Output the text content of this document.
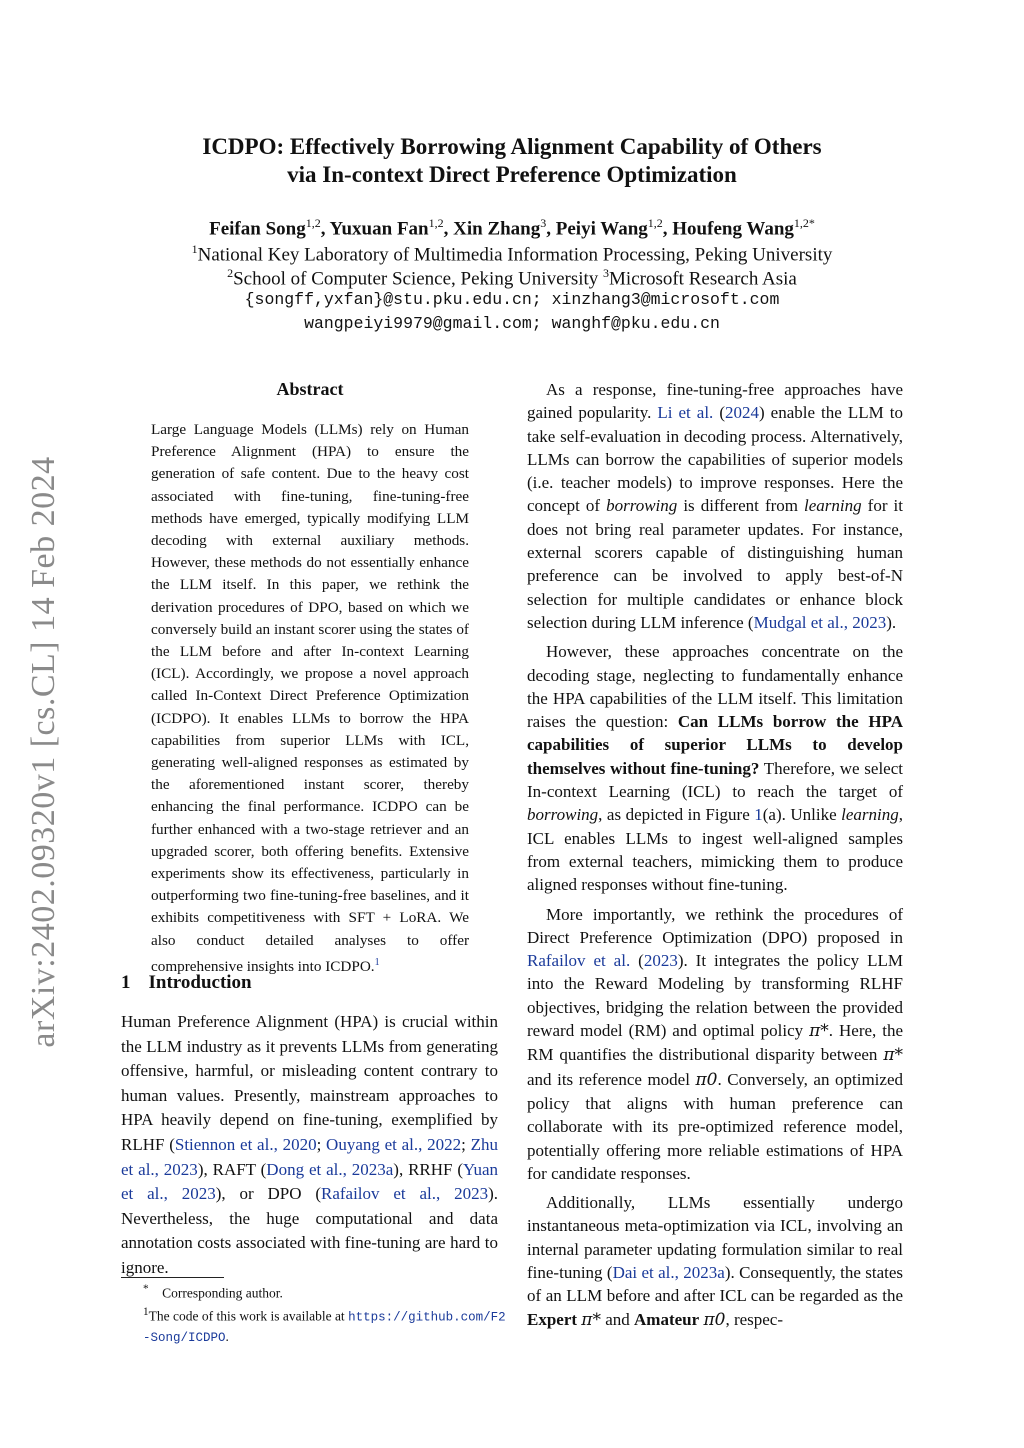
arXiv:2402.09320v1 [cs.CL] 14 Feb 2024
ICDPO: Effectively Borrowing Alignment Capability of Others
via In-context Direct Preference Optimization
Feifan Song$^{1,2}$, Yuxuan Fan$^{1,2}$, Xin Zhang$^3$, Peiyi Wang$^{1,2}$, Houfeng Wang$^{1,2*}$
$^1$National Key Laboratory of Multimedia Information Processing, Peking University
$^2$School of Computer Science, Peking University $^3$Microsoft Research Asia
{songff,yxfan}@stu.pku.edu.cn; xinzhang3@microsoft.com
wangpeiyi9979@gmail.com; wanghf@pku.edu.cn
Abstract
Large Language Models (LLMs) rely on Human Preference Alignment (HPA) to ensure the generation of safe content. Due to the heavy cost associated with fine-tuning, fine-tuning-free methods have emerged, typically modifying LLM decoding with external auxiliary methods. However, these methods do not essentially enhance the LLM itself. In this paper, we rethink the derivation procedures of DPO, based on which we conversely build an instant scorer using the states of the LLM before and after In-context Learning (ICL). Accordingly, we propose a novel approach called In-Context Direct Preference Optimization (ICDPO). It enables LLMs to borrow the HPA capabilities from superior LLMs with ICL, generating well-aligned responses as estimated by the aforementioned instant scorer, thereby enhancing the final performance. ICDPO can be further enhanced with a two-stage retriever and an upgraded scorer, both offering benefits. Extensive experiments show its effectiveness, particularly in outperforming two fine-tuning-free baselines, and it exhibits competitiveness with SFT + LoRA. We also conduct detailed analyses to offer comprehensive insights into ICDPO.$^1$
1 Introduction
Human Preference Alignment (HPA) is crucial within the LLM industry as it prevents LLMs from generating offensive, harmful, or misleading content contrary to human values. Presently, mainstream approaches to HPA heavily depend on fine-tuning, exemplified by RLHF (Stiennon et al., 2020; Ouyang et al., 2022; Zhu et al., 2023), RAFT (Dong et al., 2023a), RRHF (Yuan et al., 2023), or DPO (Rafailov et al., 2023). Nevertheless, the huge computational and data annotation costs associated with fine-tuning are hard to ignore.
* Corresponding author.
$^1$The code of this work is available at https://github.com/F2-Song/ICDPO.

As a response, fine-tuning-free approaches have gained popularity. Li et al. (2024) enable the LLM to take self-evaluation in decoding process. Alternatively, LLMs can borrow the capabilities of superior models (i.e. teacher models) to improve responses. Here the concept of borrowing is different from learning for it does not bring real parameter updates. For instance, external scorers capable of distinguishing human preference can be involved to apply best-of-N selection for multiple candidates or enhance block selection during LLM inference (Mudgal et al., 2023).

However, these approaches concentrate on the decoding stage, neglecting to fundamentally enhance the HPA capabilities of the LLM itself. This limitation raises the question: Can LLMs borrow the HPA capabilities of superior LLMs to develop themselves without fine-tuning? Therefore, we select In-context Learning (ICL) to reach the target of borrowing, as depicted in Figure 1(a). Unlike learning, ICL enables LLMs to ingest well-aligned samples from external teachers, mimicking them to produce aligned responses without fine-tuning.

More importantly, we rethink the procedures of Direct Preference Optimization (DPO) proposed in Rafailov et al. (2023). It integrates the policy LLM into the Reward Modeling by transforming RLHF objectives, bridging the relation between the provided reward model (RM) and optimal policy π*. Here, the RM quantifies the distributional disparity between π* and its reference model π0. Conversely, an optimized policy that aligns with human preference can collaborate with its pre-optimized reference model, potentially offering more reliable estimations of HPA for candidate responses.

Additionally, LLMs essentially undergo instantaneous meta-optimization via ICL, involving an internal parameter updating formulation similar to real fine-tuning (Dai et al., 2023a). Consequently, the states of an LLM before and after ICL can be regarded as the Expert π* and Amateur π0, respec-
